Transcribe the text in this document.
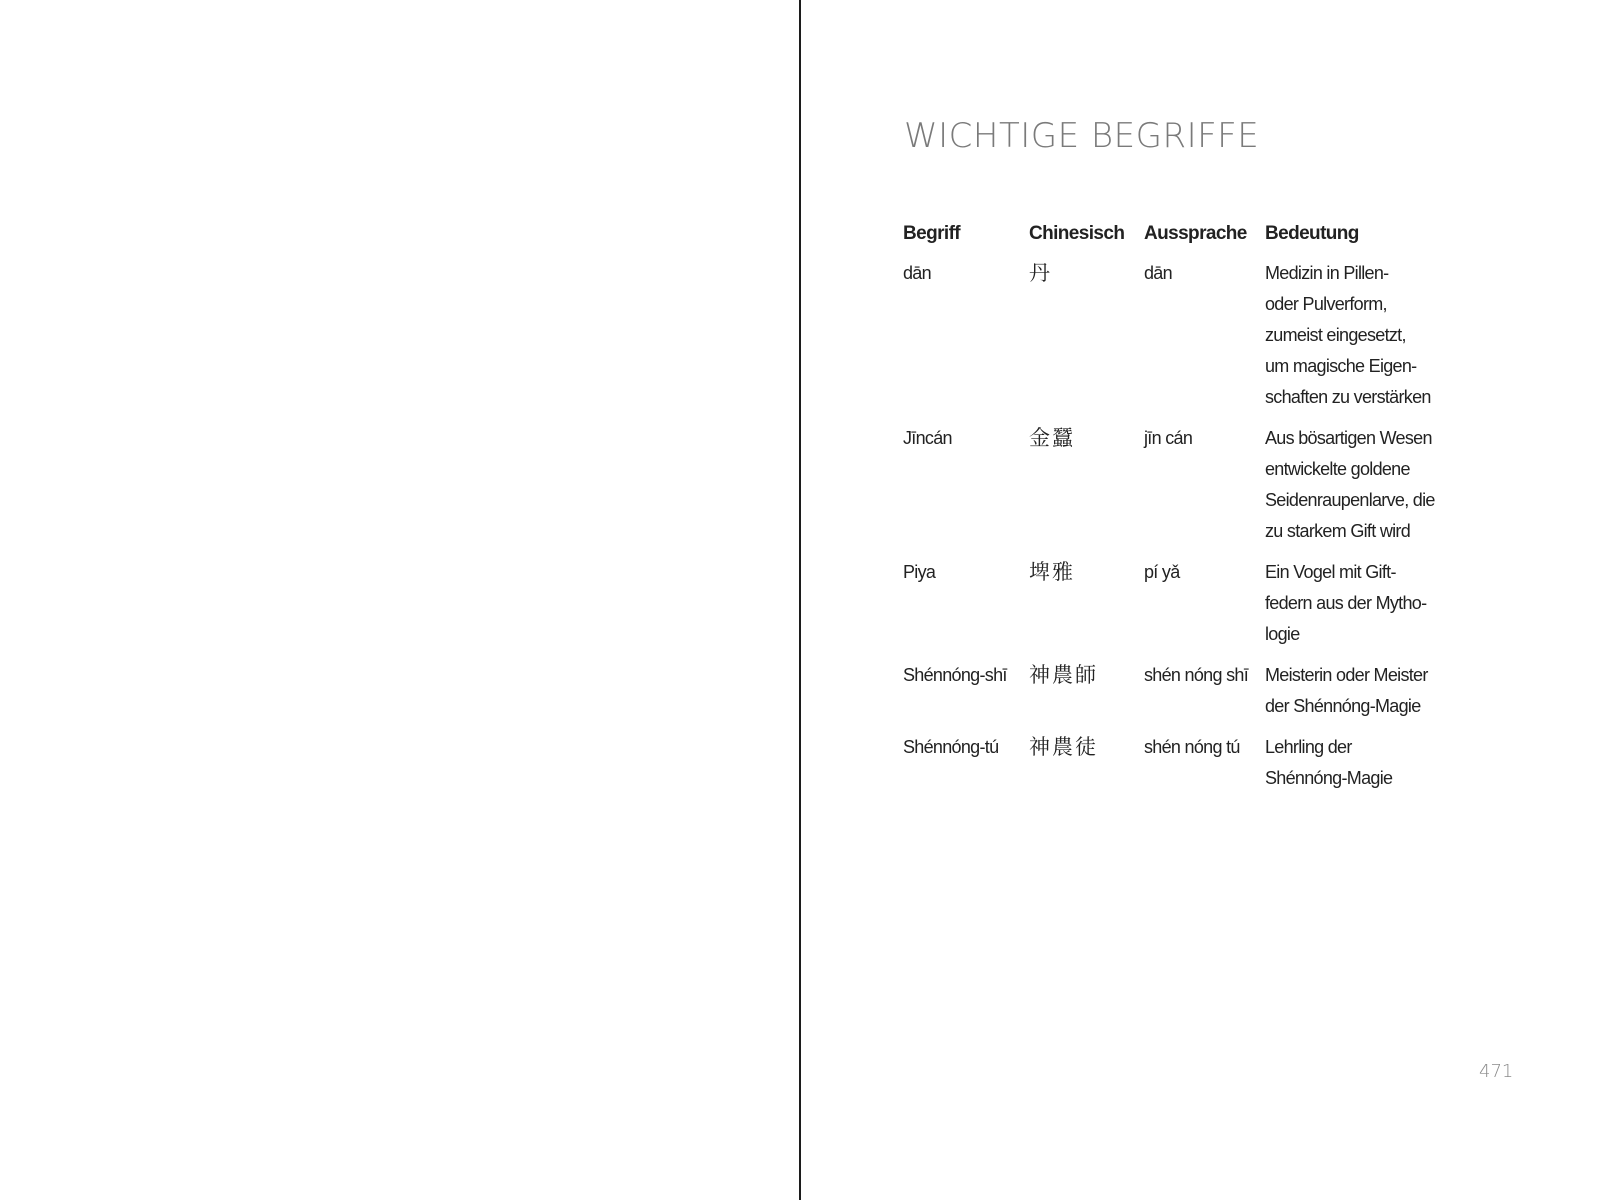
WICHTIGE BEGRIFFE
Begriff	Chinesisch	Aussprache	Bedeutung
dān	丹	dān	Medizin in Pillen-
oder Pulverform,
zumeist eingesetzt,
um magische Eigen-
schaften zu verstärken

Jīncán	金蠶	jīn cán	Aus bösartigen Wesen
entwickelte goldene
Seidenraupenlarve, die
zu starkem Gift wird

Piya	埤雅	pí yǎ	Ein Vogel mit Gift-
federn aus der Mytho-
logie

Shénnóng-shī	神農師	shén nóng shī	Meisterin oder Meister
der Shénnóng-Magie

Shénnóng-tú	神農徒	shén nóng tú	Lehrling der
Shénnóng-Magie
471
